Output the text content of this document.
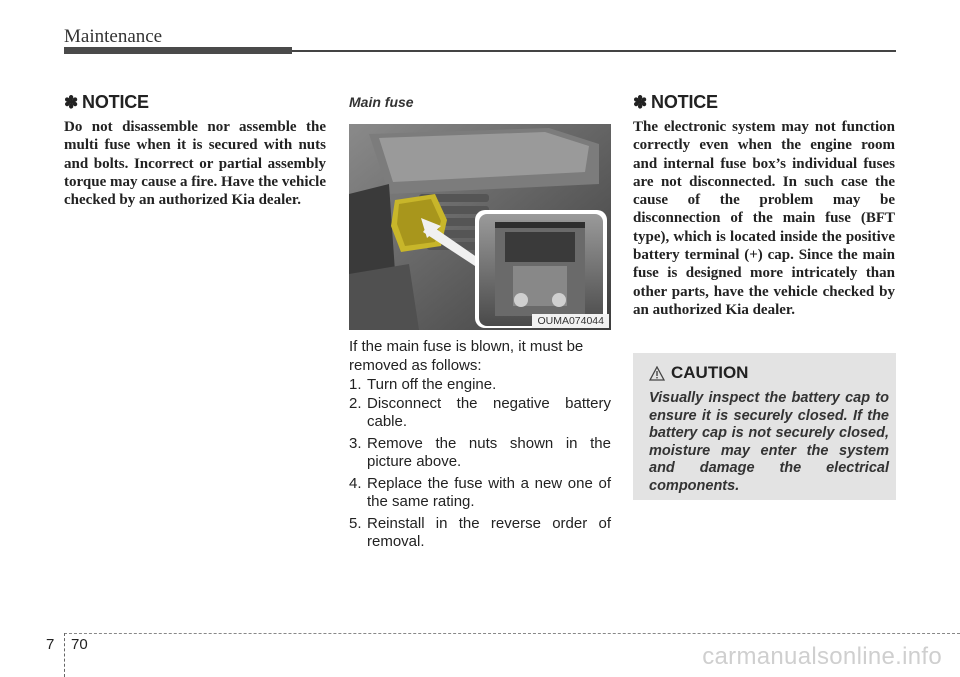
Maintenance
✽ NOTICE
Do not disassemble nor assemble the multi fuse when it is secured with nuts and bolts. Incorrect or partial assembly torque may cause a fire. Have the vehicle checked by an authorized Kia dealer.
Main fuse
OUMA074044
If the main fuse is blown, it must be removed as follows:
1. Turn off the engine.
2. Disconnect the negative battery cable.
3. Remove the nuts shown in the picture above.
4. Replace the fuse with a new one of the same rating.
5. Reinstall in the reverse order of removal.
✽ NOTICE
The electronic system may not function correctly even when the engine room and internal fuse box’s individual fuses are not disconnected. In such case the cause of the problem may be disconnection of the main fuse (BFT type), which is located inside the positive battery terminal (+) cap. Since the main fuse is designed more intricately than other parts, have the vehicle checked by an authorized Kia dealer.
CAUTION
Visually inspect the battery cap to ensure it is securely closed. If the battery cap is not securely closed, moisture may enter the system and damage the electrical components.
7 70	carmanualsonline.info
